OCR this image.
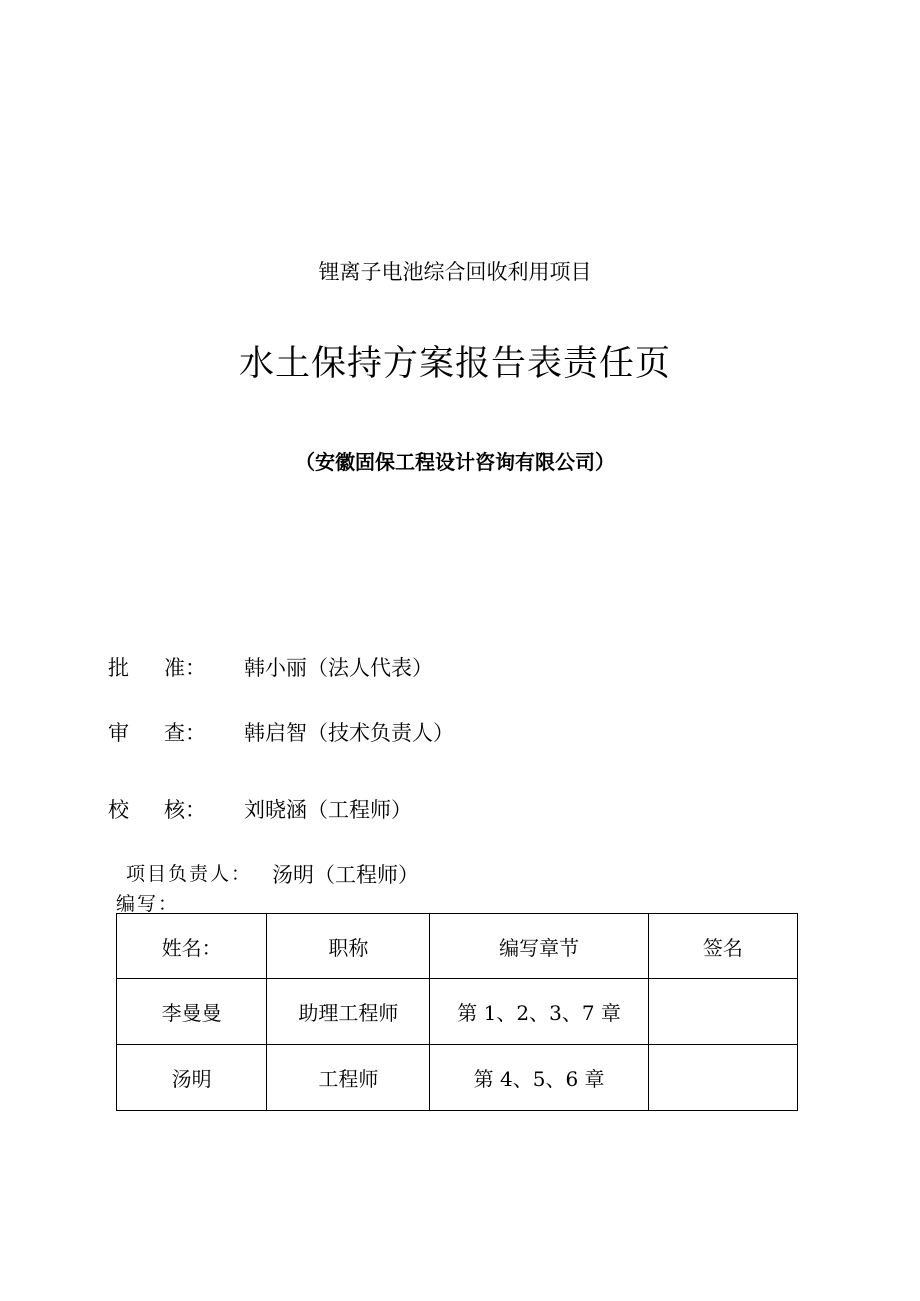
锂离子电池综合回收利用项目
水土保持方案报告表责任页
（安徽固保工程设计咨询有限公司）
批 准： 韩小丽（法人代表）
审 查： 韩启智（技术负责人）
校 核： 刘晓涵（工程师）
项目负责人： 汤明（工程师）
编写：
姓名：	职称	编写章节	签名
李曼曼	助理工程师	第 1、2、3、7 章	
汤明	工程师	第 4、5、6 章	
